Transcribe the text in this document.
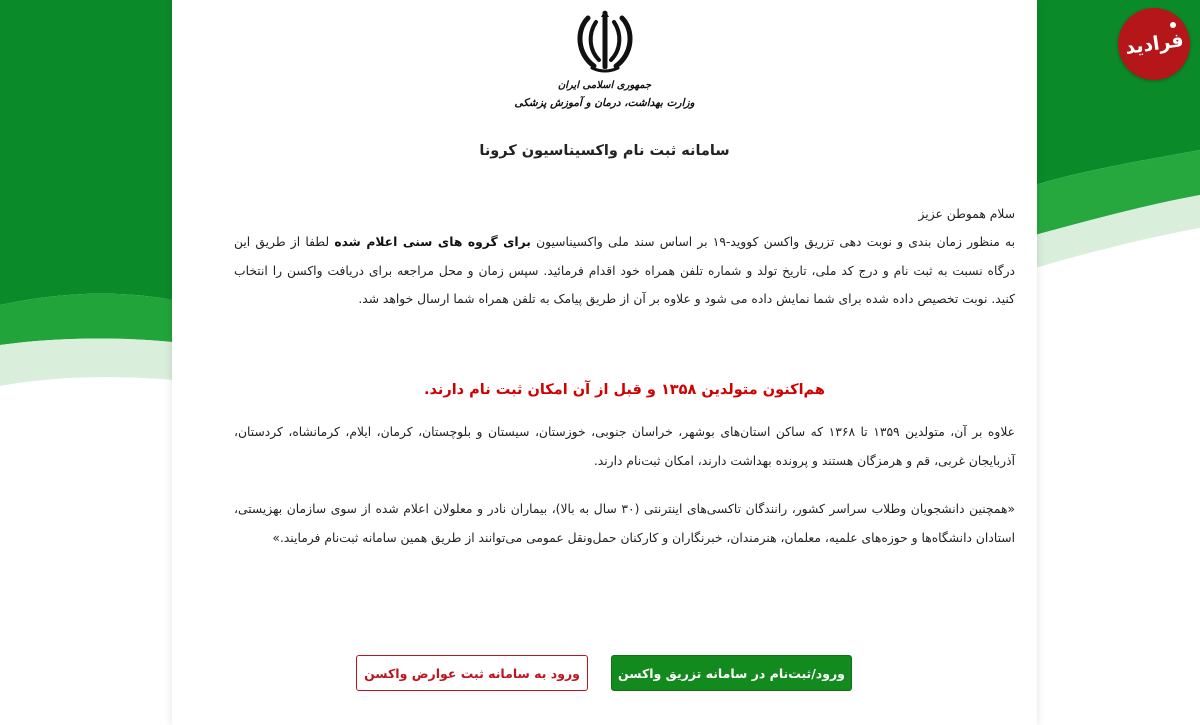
جمهوری اسلامی ایران
وزارت بهداشت، درمان و آموزش پزشکی
سامانه ثبت نام واکسیناسیون کرونا
سلام هموطن عزیز
به منظور زمان بندی و نوبت دهی تزریق واکسن کووید-۱۹ بر اساس سند ملی واکسیناسیون برای گروه های سنی اعلام شده لطفا از طریق این درگاه نسبت به ثبت نام و درج کد ملی، تاریخ تولد و شماره تلفن همراه خود اقدام فرمائید. سپس زمان و محل مراجعه برای دریافت واکسن را انتخاب کنید. نوبت تخصیص داده شده برای شما نمایش داده می شود و علاوه بر آن از طریق پیامک به تلفن همراه شما ارسال خواهد شد.
هم‌اکنون متولدین ۱۳۵۸ و قبل از آن امکان ثبت نام دارند.
علاوه بر آن، متولدین ۱۳۵۹ تا ۱۳۶۸ که ساکن استان‌های بوشهر، خراسان جنوبی، خوزستان، سیستان و بلوچستان، کرمان، ایلام، کرمانشاه، کردستان، آذربایجان غربی، قم و هرمزگان هستند و پرونده بهداشت دارند، امکان ثبت‌نام دارند.
«همچنین دانشجویان وطلاب سراسر کشور، رانندگان تاکسی‌های اینترنتی (۳۰ سال به بالا)، بیماران نادر و معلولان اعلام شده از سوی سازمان بهزیستی، استادان دانشگاه‌ها و حوزه‌های علمیه، معلمان، هنرمندان، خبرنگاران و کارکنان حمل‌ونقل عمومی می‌توانند از طریق همین سامانه ثبت‌نام فرمایند.»
ورود/ثبت‌نام در سامانه تزریق واکسن
ورود به سامانه ثبت عوارض واکسن
فرادید
